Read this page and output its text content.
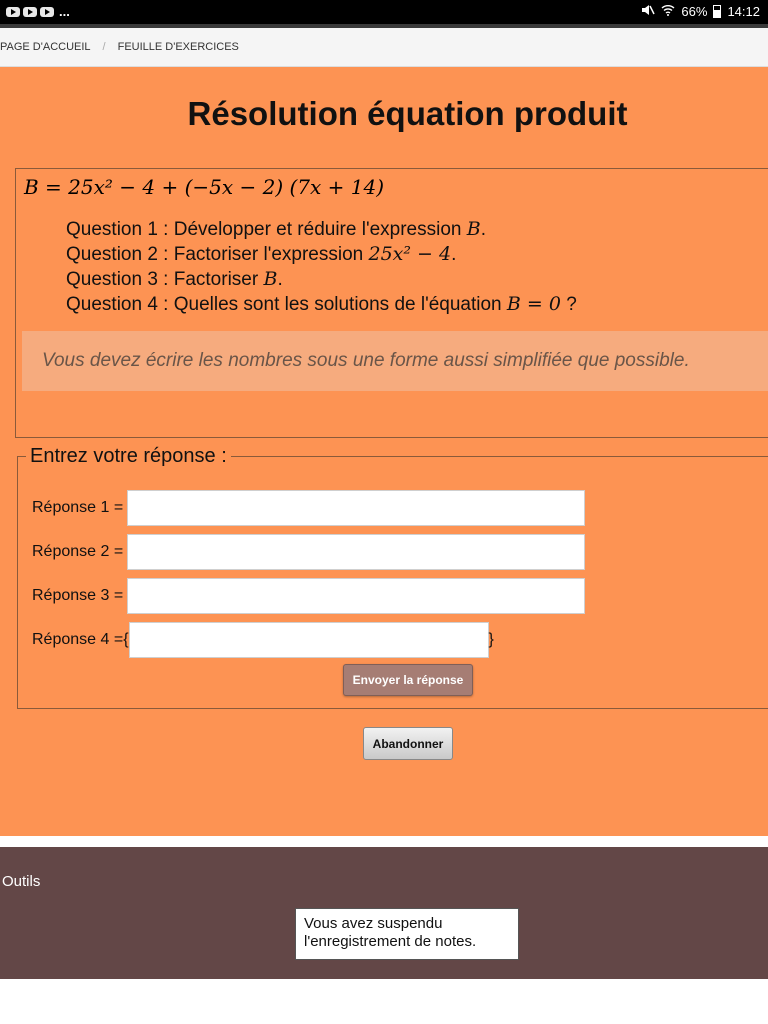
...	66% 14:12
PAGE D'ACCUEIL / FEUILLE D'EXERCICES
Résolution équation produit
B = 25x² − 4 + (−5x − 2) (7x + 14)
Question 1 : Développer et réduire l'expression B.
Question 2 : Factoriser l'expression 25x² − 4.
Question 3 : Factoriser B.
Question 4 : Quelles sont les solutions de l'équation B = 0 ?
Vous devez écrire les nombres sous une forme aussi simplifiée que possible.
Entrez votre réponse :
Réponse 1 =
Réponse 2 =
Réponse 3 =
Réponse 4 = {	}
Envoyer la réponse
Abandonner
Outils
Vous avez suspendu l'enregistrement de notes.
